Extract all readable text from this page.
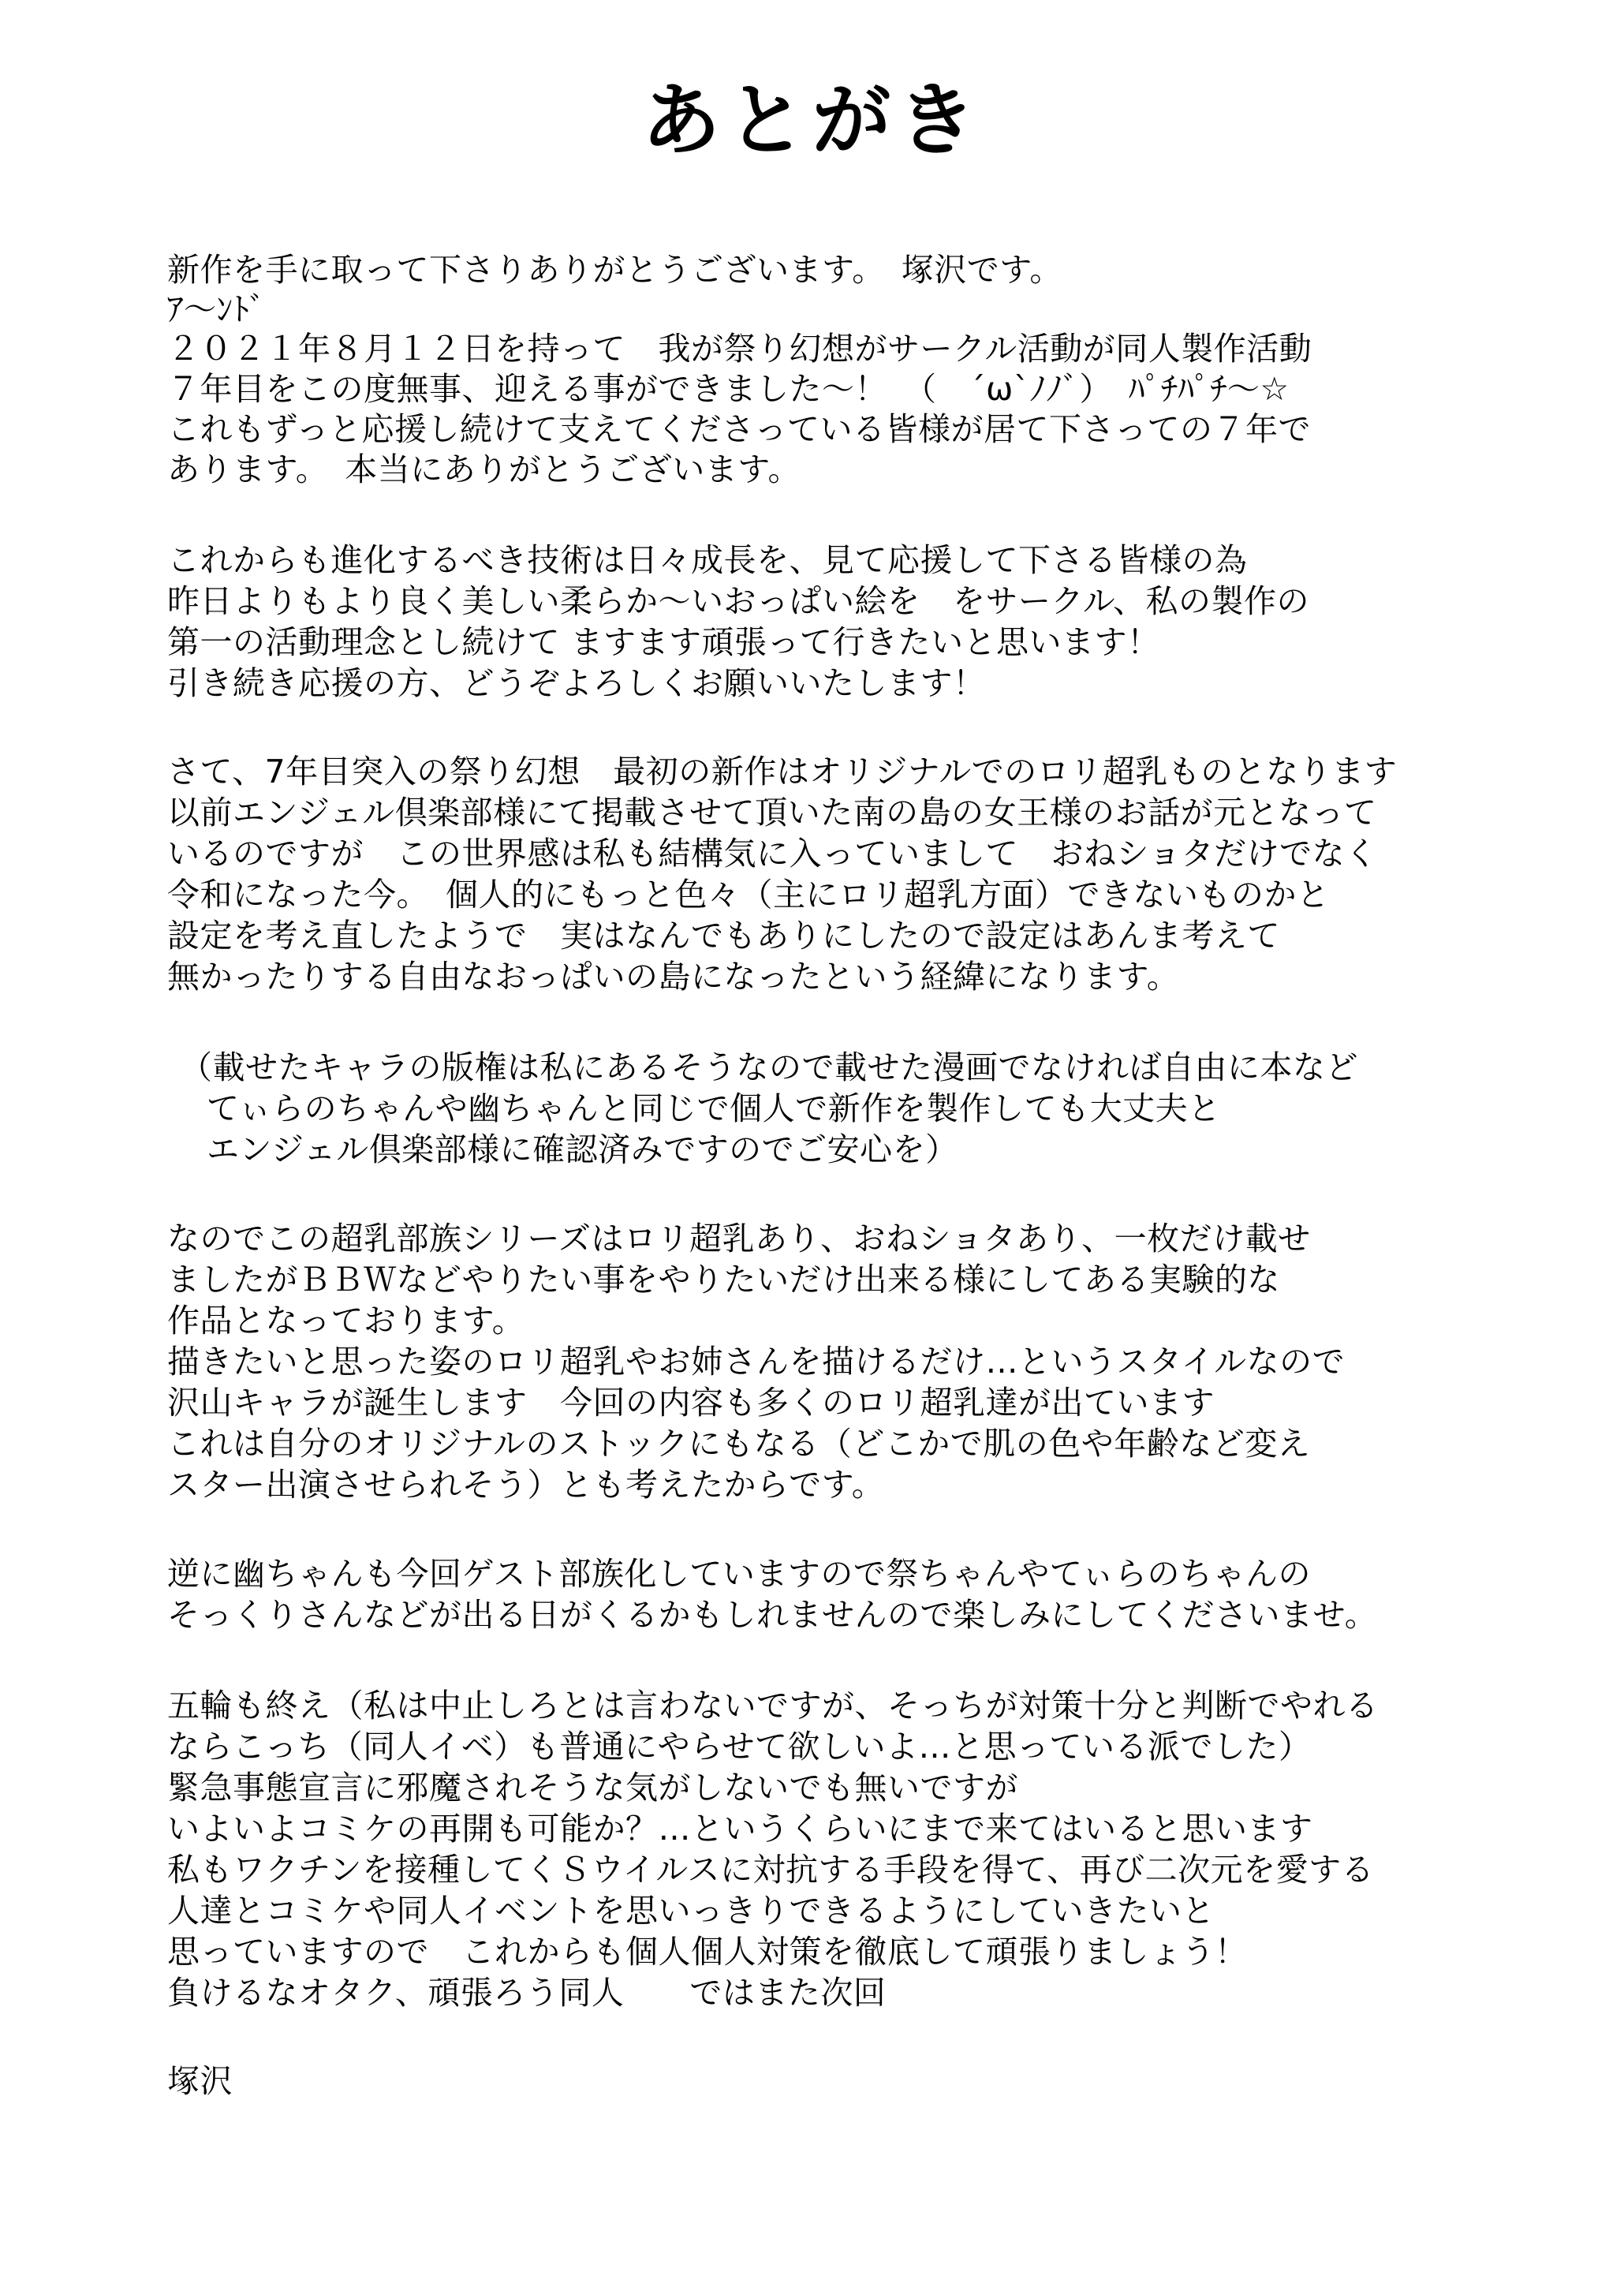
あとがき
新作を手に取って下さりありがとうございます。　塚沢です。
ｱ～ﾝﾄﾞ
２０２１年８月１２日を持って　我が祭り幻想がサークル活動が同人製作活動
７年目をこの度無事、迎える事ができました～！　（　´ω`ﾉﾉﾞ）　ﾊﾟﾁﾊﾟﾁ～☆
これもずっと応援し続けて支えてくださっている皆様が居て下さっての７年で
あります。　本当にありがとうございます。
これからも進化するべき技術は日々成長を、見て応援して下さる皆様の為
昨日よりもより良く美しい柔らか～いおっぱい絵を　をサークル、私の製作の
第一の活動理念とし続けて ますます頑張って行きたいと思います！
引き続き応援の方、どうぞよろしくお願いいたします！
さて、7年目突入の祭り幻想　最初の新作はオリジナルでのロリ超乳ものとなります
以前エンジェル倶楽部様にて掲載させて頂いた南の島の女王様のお話が元となって
いるのですが　この世界感は私も結構気に入っていまして　おねショタだけでなく
令和になった今。　個人的にもっと色々（主にロリ超乳方面）できないものかと
設定を考え直したようで　実はなんでもありにしたので設定はあんま考えて
無かったりする自由なおっぱいの島になったという経緯になります。
（載せたキャラの版権は私にあるそうなので載せた漫画でなければ自由に本など
てぃらのちゃんや幽ちゃんと同じで個人で新作を製作しても大丈夫と
エンジェル倶楽部様に確認済みですのでご安心を）
なのでこの超乳部族シリーズはロリ超乳あり、おねショタあり、一枚だけ載せ
ましたがＢＢＷなどやりたい事をやりたいだけ出来る様にしてある実験的な
作品となっております。
描きたいと思った姿のロリ超乳やお姉さんを描けるだけ…というスタイルなので
沢山キャラが誕生します　今回の内容も多くのロリ超乳達が出ています
これは自分のオリジナルのストックにもなる（どこかで肌の色や年齢など変え
スター出演させられそう）とも考えたからです。
逆に幽ちゃんも今回ゲスト部族化していますので祭ちゃんやてぃらのちゃんの
そっくりさんなどが出る日がくるかもしれませんので楽しみにしてくださいませ。
五輪も終え（私は中止しろとは言わないですが、そっちが対策十分と判断でやれる
ならこっち（同人イベ）も普通にやらせて欲しいよ…と思っている派でした）
緊急事態宣言に邪魔されそうな気がしないでも無いですが
いよいよコミケの再開も可能か？…というくらいにまで来てはいると思います
私もワクチンを接種してくＳウイルスに対抗する手段を得て、再び二次元を愛する
人達とコミケや同人イベントを思いっきりできるようにしていきたいと
思っていますので　これからも個人個人対策を徹底して頑張りましょう！
負けるなオタク、頑張ろう同人　　ではまた次回
塚沢
